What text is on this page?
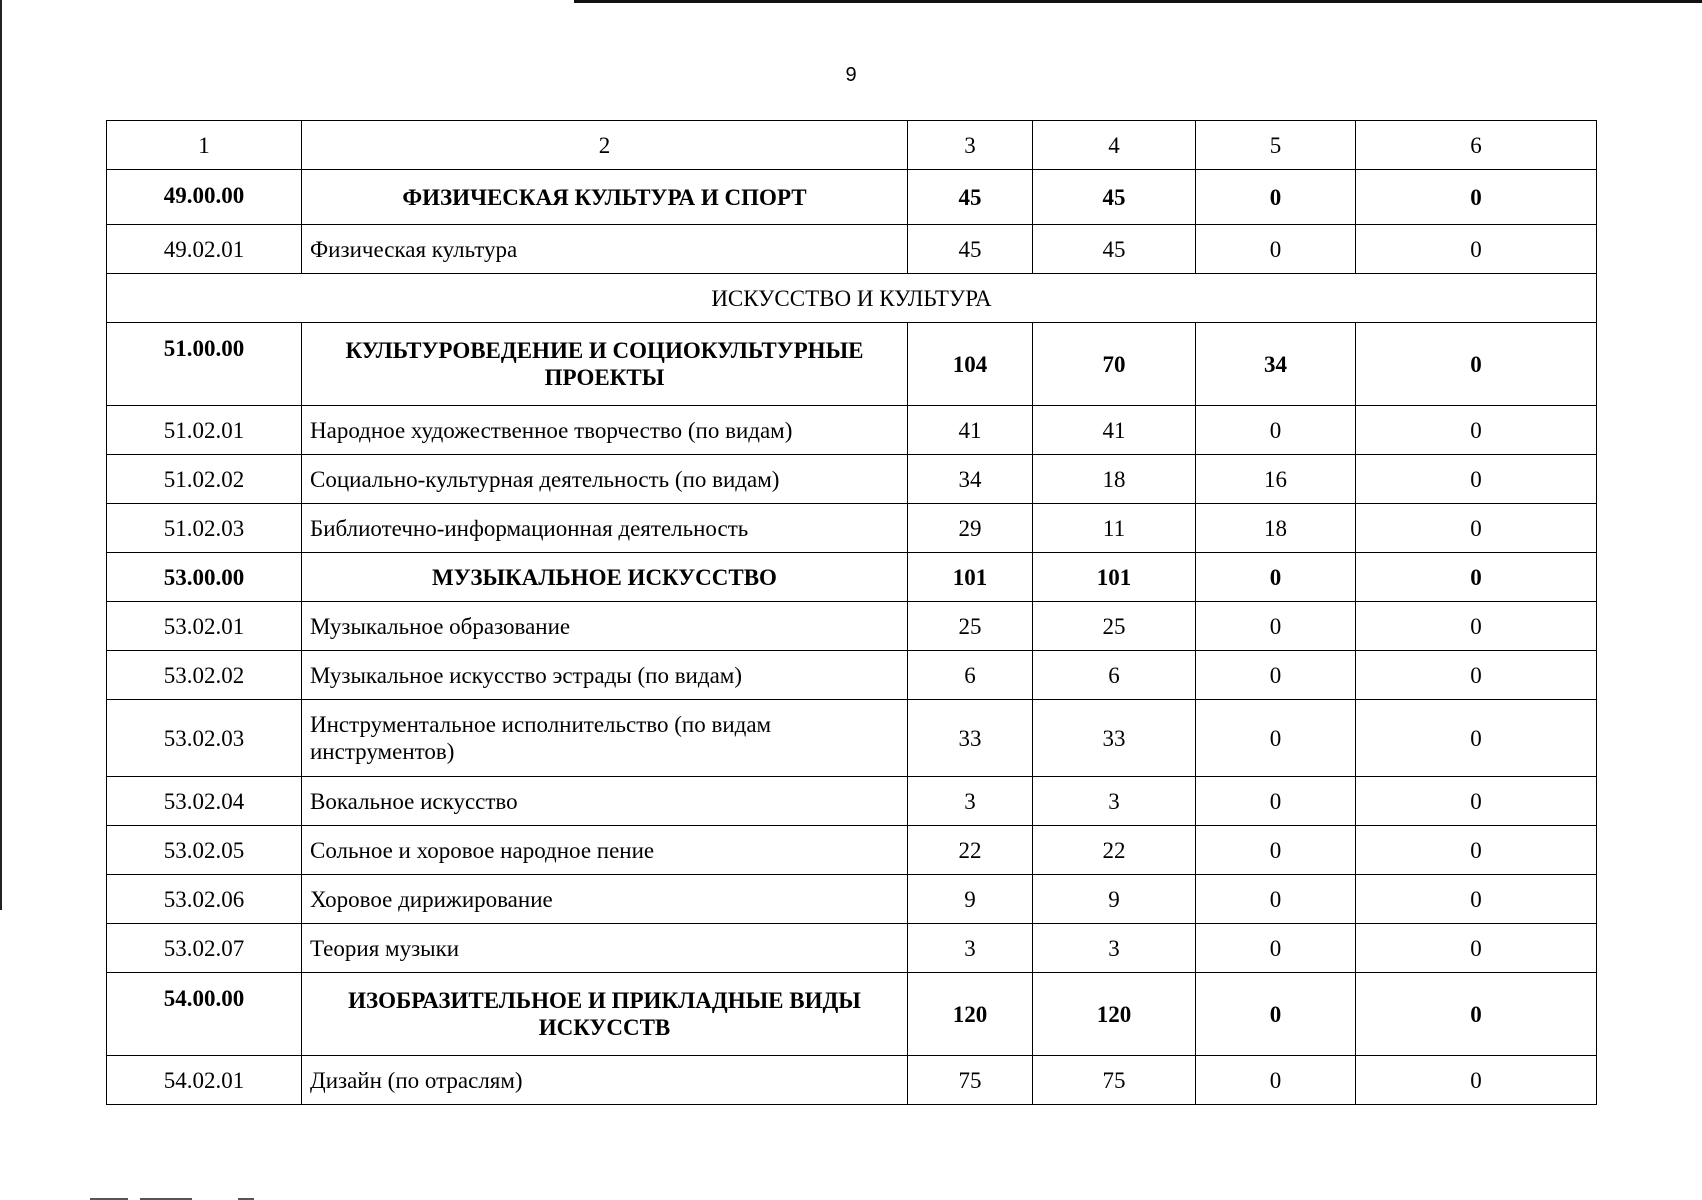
9
1	2	3	4	5	6
49.00.00	ФИЗИЧЕСКАЯ КУЛЬТУРА И СПОРТ	45	45	0	0
49.02.01	Физическая культура	45	45	0	0
ИСКУССТВО И КУЛЬТУРА					
51.00.00	КУЛЬТУРОВЕДЕНИЕ И СОЦИОКУЛЬТУРНЫЕ ПРОЕКТЫ	104	70	34	0
51.02.01	Народное художественное творчество (по видам)	41	41	0	0
51.02.02	Социально-культурная деятельность (по видам)	34	18	16	0
51.02.03	Библиотечно-информационная деятельность	29	11	18	0
53.00.00	МУЗЫКАЛЬНОЕ ИСКУССТВО	101	101	0	0
53.02.01	Музыкальное образование	25	25	0	0
53.02.02	Музыкальное искусство эстрады (по видам)	6	6	0	0
53.02.03	Инструментальное исполнительство (по видам инструментов)	33	33	0	0
53.02.04	Вокальное искусство	3	3	0	0
53.02.05	Сольное и хоровое народное пение	22	22	0	0
53.02.06	Хоровое дирижирование	9	9	0	0
53.02.07	Теория музыки	3	3	0	0
54.00.00	ИЗОБРАЗИТЕЛЬНОЕ И ПРИКЛАДНЫЕ ВИДЫ ИСКУССТВ	120	120	0	0
54.02.01	Дизайн (по отраслям)	75	75	0	0
